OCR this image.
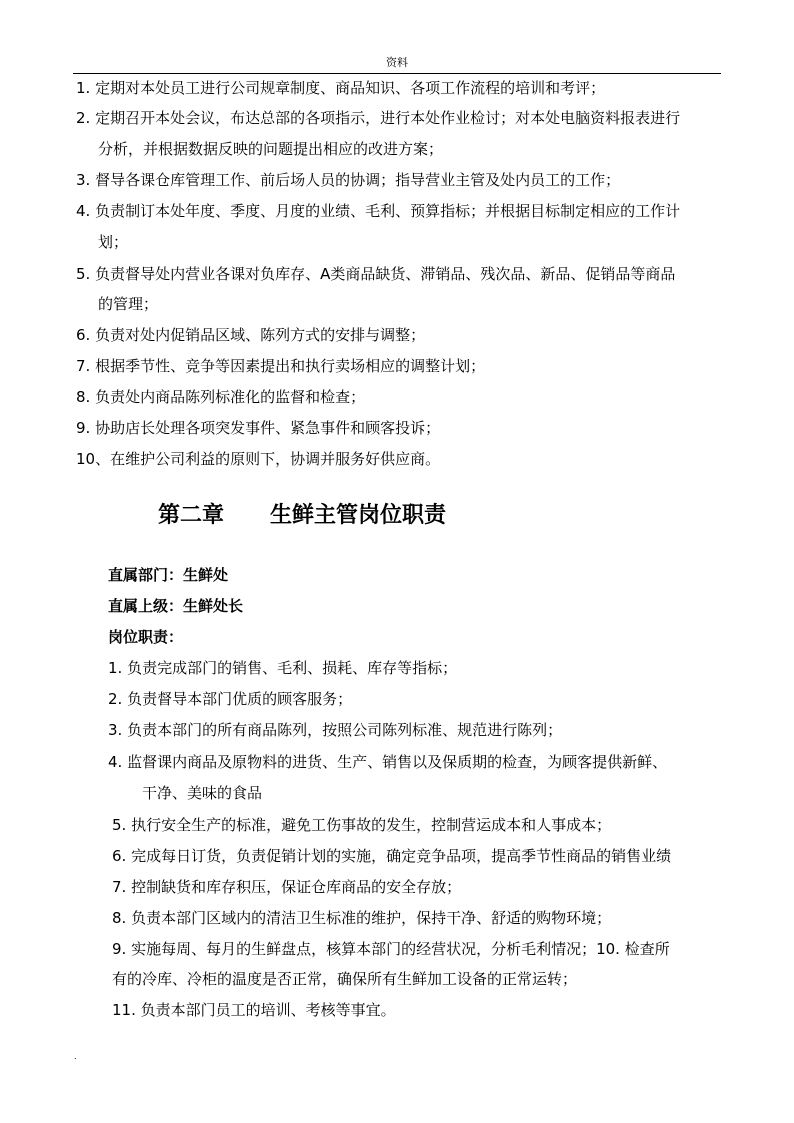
资料
1. 定期对本处员工进行公司规章制度、商品知识、各项工作流程的培训和考评；
2. 定期召开本处会议，布达总部的各项指示，进行本处作业检讨；对本处电脑资料报表进行
分析，并根据数据反映的问题提出相应的改进方案；
3. 督导各课仓库管理工作、前后场人员的协调；指导营业主管及处内员工的工作；
4. 负责制订本处年度、季度、月度的业绩、毛利、预算指标；并根据目标制定相应的工作计
划；
5. 负责督导处内营业各课对负库存、A类商品缺货、滞销品、残次品、新品、促销品等商品
的管理；
6. 负责对处内促销品区域、陈列方式的安排与调整；
7. 根据季节性、竞争等因素提出和执行卖场相应的调整计划；
8. 负责处内商品陈列标准化的监督和检查；
9. 协助店长处理各项突发事件、紧急事件和顾客投诉；
10、在维护公司利益的原则下，协调并服务好供应商。
第二章      生鲜主管岗位职责
直属部门：生鲜处
直属上级：生鲜处长
岗位职责：
1. 负责完成部门的销售、毛利、损耗、库存等指标；
2. 负责督导本部门优质的顾客服务；
3. 负责本部门的所有商品陈列，按照公司陈列标准、规范进行陈列；
4. 监督课内商品及原物料的进货、生产、销售以及保质期的检查，为顾客提供新鲜、
干净、美味的食品
5. 执行安全生产的标准，避免工伤事故的发生，控制营运成本和人事成本；
6. 完成每日订货，负责促销计划的实施，确定竞争品项，提高季节性商品的销售业绩
7. 控制缺货和库存积压，保证仓库商品的安全存放；
8. 负责本部门区域内的清洁卫生标准的维护，保持干净、舒适的购物环境；
9. 实施每周、每月的生鲜盘点，核算本部门的经营状况，分析毛利情况；10. 检查所
有的冷库、冷柜的温度是否正常，确保所有生鲜加工设备的正常运转；
11. 负责本部门员工的培训、考核等事宜。
.
